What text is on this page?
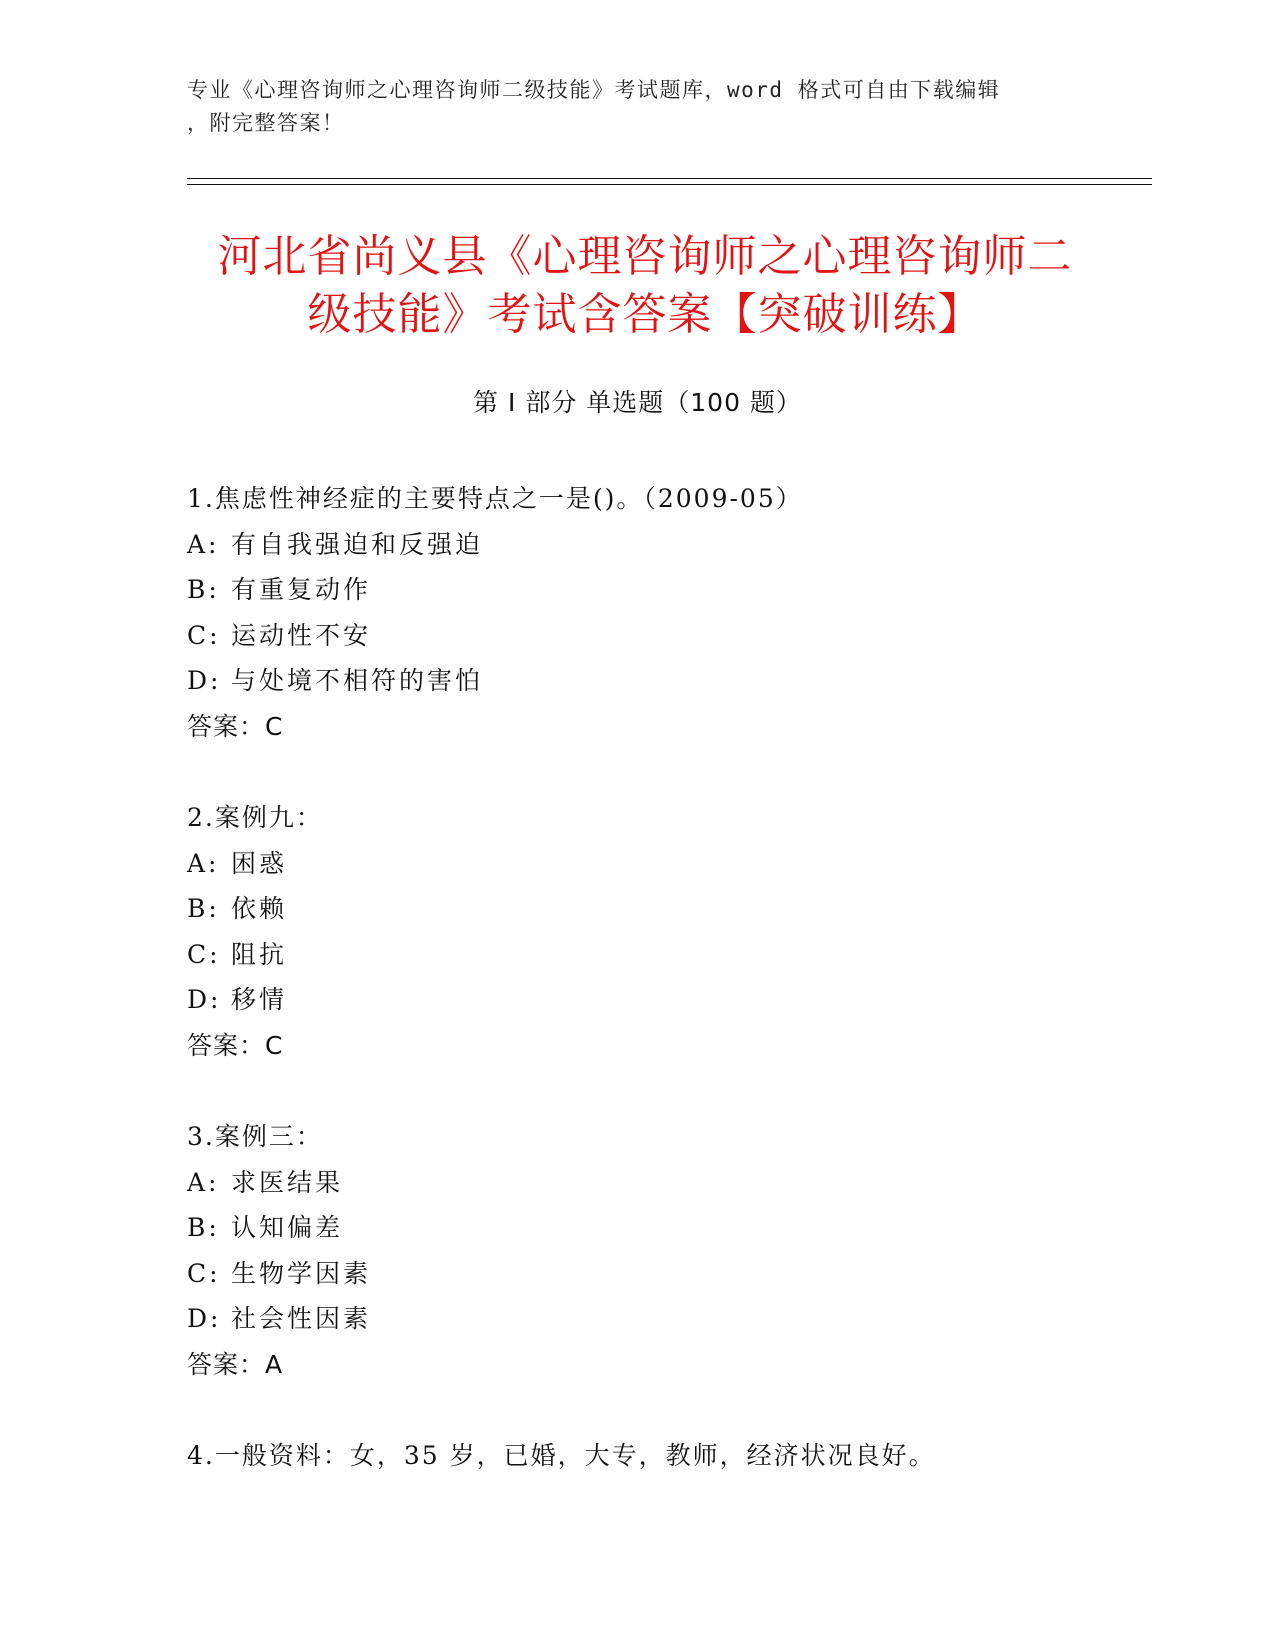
专业《心理咨询师之心理咨询师二级技能》考试题库，word 格式可自由下载编辑
，附完整答案！
河北省尚义县《心理咨询师之心理咨询师二
级技能》考试含答案【突破训练】
第 I 部分 单选题（100 题）
1.焦虑性神经症的主要特点之一是()。（2009-05）
A: 有自我强迫和反强迫
B: 有重复动作
C: 运动性不安
D: 与处境不相符的害怕
答案：C
2.案例九：
A: 困惑
B: 依赖
C: 阻抗
D: 移情
答案：C
3.案例三：
A: 求医结果
B: 认知偏差
C: 生物学因素
D: 社会性因素
答案：A
4.一般资料：女，35 岁，已婚，大专，教师，经济状况良好。
